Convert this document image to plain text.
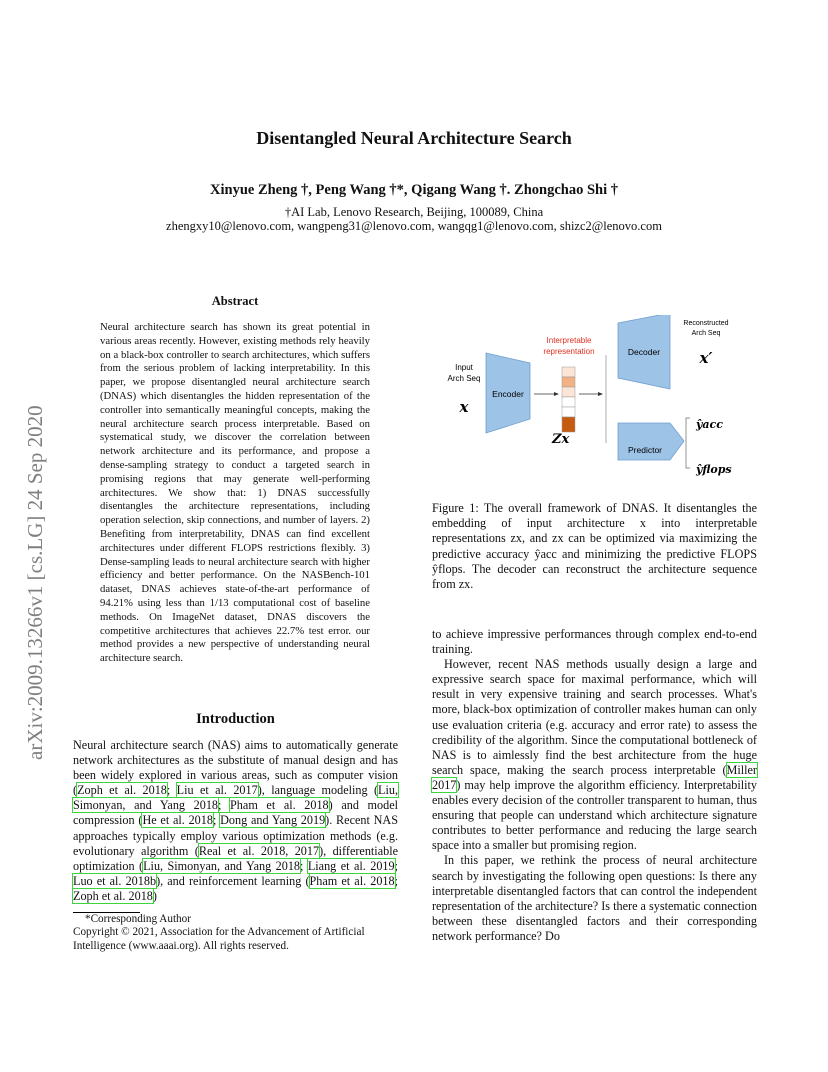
arXiv:2009.13266v1 [cs.LG] 24 Sep 2020
Disentangled Neural Architecture Search
Xinyue Zheng †, Peng Wang †*, Qigang Wang †. Zhongchao Shi †
†AI Lab, Lenovo Research, Beijing, 100089, China
zhengxy10@lenovo.com, wangpeng31@lenovo.com, wangqg1@lenovo.com, shizc2@lenovo.com
Abstract
Neural architecture search has shown its great potential in various areas recently. However, existing methods rely heavily on a black-box controller to search architectures, which suffers from the serious problem of lacking interpretability. In this paper, we propose disentangled neural architecture search (DNAS) which disentangles the hidden representation of the controller into semantically meaningful concepts, making the neural architecture search process interpretable. Based on systematical study, we discover the correlation between network architecture and its performance, and propose a dense-sampling strategy to conduct a targeted search in promising regions that may generate well-performing architectures. We show that: 1) DNAS successfully disentangles the architecture representations, including operation selection, skip connections, and number of layers. 2) Benefiting from interpretability, DNAS can find excellent architectures under different FLOPS restrictions flexibly. 3) Dense-sampling leads to neural architecture search with higher efficiency and better performance. On the NASBench-101 dataset, DNAS achieves state-of-the-art performance of 94.21% using less than 1/13 computational cost of baseline methods. On ImageNet dataset, DNAS discovers the competitive architectures that achieves 22.7% test error. our method provides a new perspective of understanding neural architecture search.
Introduction

Neural architecture search (NAS) aims to automatically generate network architectures as the substitute of manual design and has been widely explored in various areas, such as computer vision (Zoph et al. 2018; Liu et al. 2017), language modeling (Liu, Simonyan, and Yang 2018; Pham et al. 2018) and model compression (He et al. 2018; Dong and Yang 2019). Recent NAS approaches typically employ various optimization methods (e.g. evolutionary algorithm (Real et al. 2018, 2017), differentiable optimization (Liu, Simonyan, and Yang 2018; Liang et al. 2019; Luo et al. 2018b), and reinforcement learning (Pham et al. 2018; Zoph et al. 2018)

*Corresponding Author
Copyright © 2021, Association for the Advancement of Artificial Intelligence (www.aaai.org). All rights reserved.
Input
Arch Seq
x
Encoder
Interpretable
representation
Zx
Decoder
Reconstructed
Arch Seq
x′
Predictor
ŷacc
ŷflops
Figure 1: The overall framework of DNAS. It disentangles the embedding of input architecture x into interpretable representations zx, and zx can be optimized via maximizing the predictive accuracy ŷacc and minimizing the predictive FLOPS ŷflops. The decoder can reconstruct the architecture sequence from zx.

to achieve impressive performances through complex end-to-end training.

However, recent NAS methods usually design a large and expressive search space for maximal performance, which will result in very expensive training and search processes. What's more, black-box optimization of controller makes human can only use evaluation criteria (e.g. accuracy and error rate) to assess the credibility of the algorithm. Since the computational bottleneck of NAS is to aimlessly find the best architecture from the huge search space, making the search process interpretable (Miller 2017) may help improve the algorithm efficiency. Interpretability enables every decision of the controller transparent to human, thus ensuring that people can understand which architecture signature contributes to better performance and reducing the large search space into a smaller but promising region.

In this paper, we rethink the process of neural architecture search by investigating the following open questions: Is there any interpretable disentangled factors that can control the independent representation of the architecture? Is there a systematic connection between these disentangled factors and their corresponding network performance? Do
